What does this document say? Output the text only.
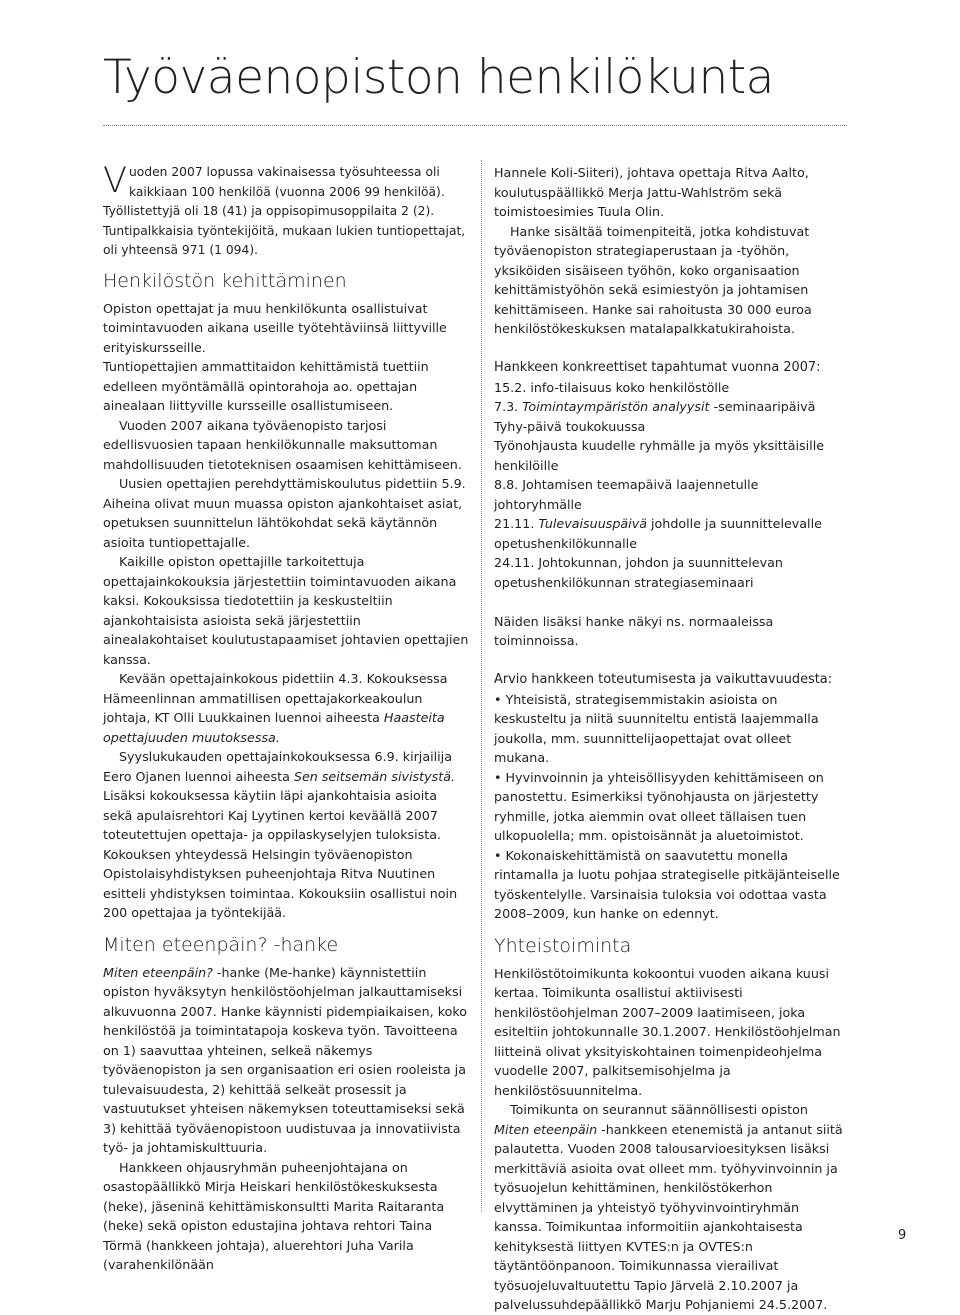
Työväenopiston henkilökunta

Vuoden 2007 lopussa vakinaisessa työsuhteessa oli kaikkiaan 100 henkilöä (vuonna 2006 99 henkilöä). Työllistettyjä oli 18 (41) ja oppisopimusoppilaita 2 (2). Tuntipalkkaisia työntekijöitä, mukaan lukien tuntiopettajat, oli yhteensä 971 (1 094).

Henkilöstön kehittäminen

Opiston opettajat ja muu henkilökunta osallistuivat toimintavuoden aikana useille työtehtäviinsä liittyville erityiskursseille.

Tuntiopettajien ammattitaidon kehittämistä tuettiin edelleen myöntämällä opintorahoja ao. opettajan ainealaan liittyville kursseille osallistumiseen.

Vuoden 2007 aikana työväenopisto tarjosi edellisvuosien tapaan henkilökunnalle maksuttoman mahdollisuuden tietoteknisen osaamisen kehittämiseen.

Uusien opettajien perehdyttämiskoulutus pidettiin 5.9. Aiheina olivat muun muassa opiston ajankohtaiset asiat, opetuksen suunnittelun lähtökohdat sekä käytännön asioita tuntiopettajalle.

Kaikille opiston opettajille tarkoitettuja opettajainkokouksia järjestettiin toimintavuoden aikana kaksi. Kokouksissa tiedotettiin ja keskusteltiin ajankohtaisista asioista sekä järjestettiin ainealakohtaiset koulutustapaamiset johtavien opettajien kanssa.

Kevään opettajainkokous pidettiin 4.3. Kokouksessa Hämeenlinnan ammatillisen opettajakorkeakoulun johtaja, KT Olli Luukkainen luennoi aiheesta Haasteita opettajuuden muutoksessa.

Syyslukukauden opettajainkokouksessa 6.9. kirjailija Eero Ojanen luennoi aiheesta Sen seitsemän sivistystä. Lisäksi kokouksessa käytiin läpi ajankohtaisia asioita sekä apulaisrehtori Kaj Lyytinen kertoi keväällä 2007 toteutettujen opettaja- ja oppilaskyselyjen tuloksista. Kokouksen yhteydessä Helsingin työväenopiston Opistolaisyhdistyksen puheenjohtaja Ritva Nuutinen esitteli yhdistyksen toimintaa. Kokouksiin osallistui noin 200 opettajaa ja työntekijää.

Miten eteenpäin? -hanke

Miten eteenpäin? -hanke (Me-hanke) käynnistettiin opiston hyväksytyn henkilöstöohjelman jalkauttamiseksi alkuvuonna 2007. Hanke käynnisti pidempiaikaisen, koko henkilöstöä ja toimintatapoja koskeva työn. Tavoitteena on 1) saavuttaa yhteinen, selkeä näkemys työväenopiston ja sen organisaation eri osien rooleista ja tulevaisuudesta, 2) kehittää selkeät prosessit ja vastuutukset yhteisen näkemyksen toteuttamiseksi sekä 3) kehittää työväenopistoon uudistuvaa ja innovatiivista työ- ja johtamiskulttuuria.

Hankkeen ohjausryhmän puheenjohtajana on osastopäällikkö Mirja Heiskari henkilöstökeskuksesta (heke), jäseninä kehittämiskonsultti Marita Raitaranta (heke) sekä opiston edustajina johtava rehtori Taina Törmä (hankkeen johtaja), aluerehtori Juha Varila (varahenkilönään

Hannele Koli-Siiteri), johtava opettaja Ritva Aalto, koulutuspäällikkö Merja Jattu-Wahlström sekä toimistoesimies Tuula Olin.

Hanke sisältää toimenpiteitä, jotka kohdistuvat työväenopiston strategiaperustaan ja -työhön, yksiköiden sisäiseen työhön, koko organisaation kehittämistyöhön sekä esimiestyön ja johtamisen kehittämiseen. Hanke sai rahoitusta 30 000 euroa henkilöstökeskuksen matalapalkkatukirahoista.

Hankkeen konkreettiset tapahtumat vuonna 2007:

15.2. info-tilaisuus koko henkilöstölle

7.3. Toimintaympäristön analyysit -seminaaripäivä

Tyhy-päivä toukokuussa

Työnohjausta kuudelle ryhmälle ja myös yksittäisille henkilöille

8.8. Johtamisen teemapäivä laajennetulle johtoryhmälle

21.11. Tulevaisuuspäivä johdolle ja suunnittelevalle opetushenkilökunnalle

24.11. Johtokunnan, johdon ja suunnittelevan opetushenkilökunnan strategiaseminaari

Näiden lisäksi hanke näkyi ns. normaaleissa toiminnoissa.

Arvio hankkeen toteutumisesta ja vaikuttavuudesta:

• Yhteisistä, strategisemmistakin asioista on keskusteltu ja niitä suunniteltu entistä laajemmalla joukolla, mm. suunnittelijaopettajat ovat olleet mukana.

• Hyvinvoinnin ja yhteisöllisyyden kehittämiseen on panostettu. Esimerkiksi työnohjausta on järjestetty ryhmille, jotka aiemmin ovat olleet tällaisen tuen ulkopuolella; mm. opistoisännät ja aluetoimistot.

• Kokonaiskehittämistä on saavutettu monella rintamalla ja luotu pohjaa strategiselle pitkäjänteiselle työskentelylle. Varsinaisia tuloksia voi odottaa vasta 2008–2009, kun hanke on edennyt.

Yhteistoiminta

Henkilöstötoimikunta kokoontui vuoden aikana kuusi kertaa. Toimikunta osallistui aktiivisesti henkilöstöohjelman 2007–2009 laatimiseen, joka esiteltiin johtokunnalle 30.1.2007. Henkilöstöohjelman liitteinä olivat yksityiskohtainen toimenpideohjelma vuodelle 2007, palkitsemisohjelma ja henkilöstösuunnitelma.

Toimikunta on seurannut säännöllisesti opiston Miten eteenpäin -hankkeen etenemistä ja antanut siitä palautetta. Vuoden 2008 talousarvioesityksen lisäksi merkittäviä asioita ovat olleet mm. työhyvinvoinnin ja työsuojelun kehittäminen, henkilöstökerhon elvyttäminen ja yhteistyö työhyvinvointiryhmän kanssa. Toimikuntaa informoitiin ajankohtaisesta kehityksestä liittyen KVTES:n ja OVTES:n täytäntöönpanoon. Toimikunnassa vierailivat työsuojeluvaltuutettu Tapio Järvelä 2.10.2007 ja palvelussuhdepäällikkö Marju Pohjaniemi 24.5.2007.

9
